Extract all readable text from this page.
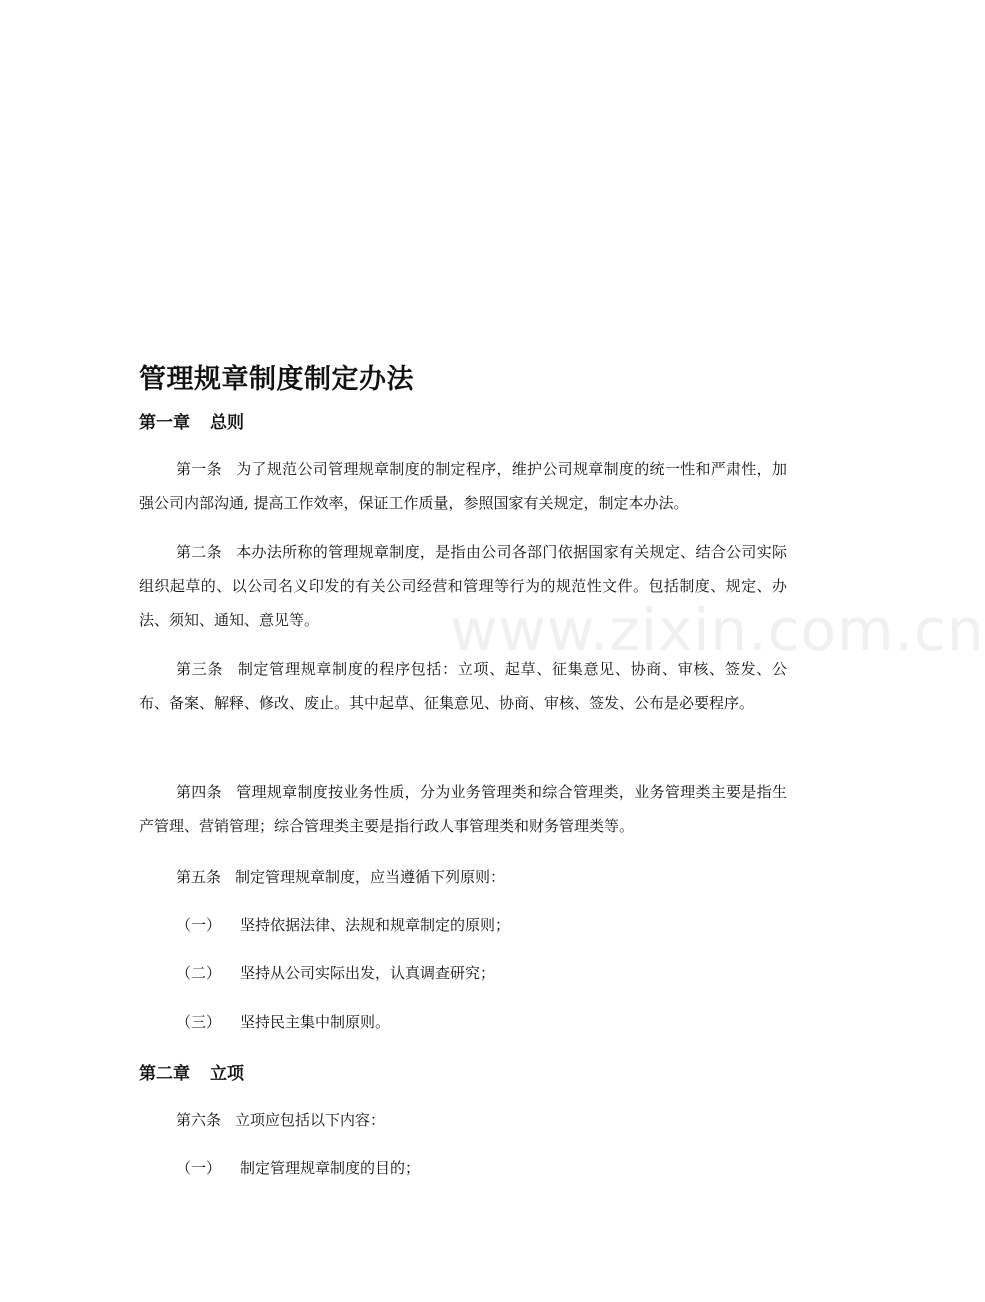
www.zixin.com.cn
管理规章制度制定办法
第一章 总则
第一条 为了规范公司管理规章制度的制定程序，维护公司规章制度的统一性和严肃性，加强公司内部沟通, 提高工作效率，保证工作质量，参照国家有关规定，制定本办法。
第二条 本办法所称的管理规章制度，是指由公司各部门依据国家有关规定、结合公司实际组织起草的、以公司名义印发的有关公司经营和管理等行为的规范性文件。包括制度、规定、办法、须知、通知、意见等。
第三条 制定管理规章制度的程序包括：立项、起草、征集意见、协商、审核、签发、公布、备案、解释、修改、废止。其中起草、征集意见、协商、审核、签发、公布是必要程序。
第四条 管理规章制度按业务性质，分为业务管理类和综合管理类，业务管理类主要是指生产管理、营销管理；综合管理类主要是指行政人事管理类和财务管理类等。
第五条 制定管理规章制度，应当遵循下列原则：
（一） 坚持依据法律、法规和规章制定的原则；
（二） 坚持从公司实际出发，认真调查研究；
（三） 坚持民主集中制原则。
第二章 立项
第六条 立项应包括以下内容：
（一） 制定管理规章制度的目的；
